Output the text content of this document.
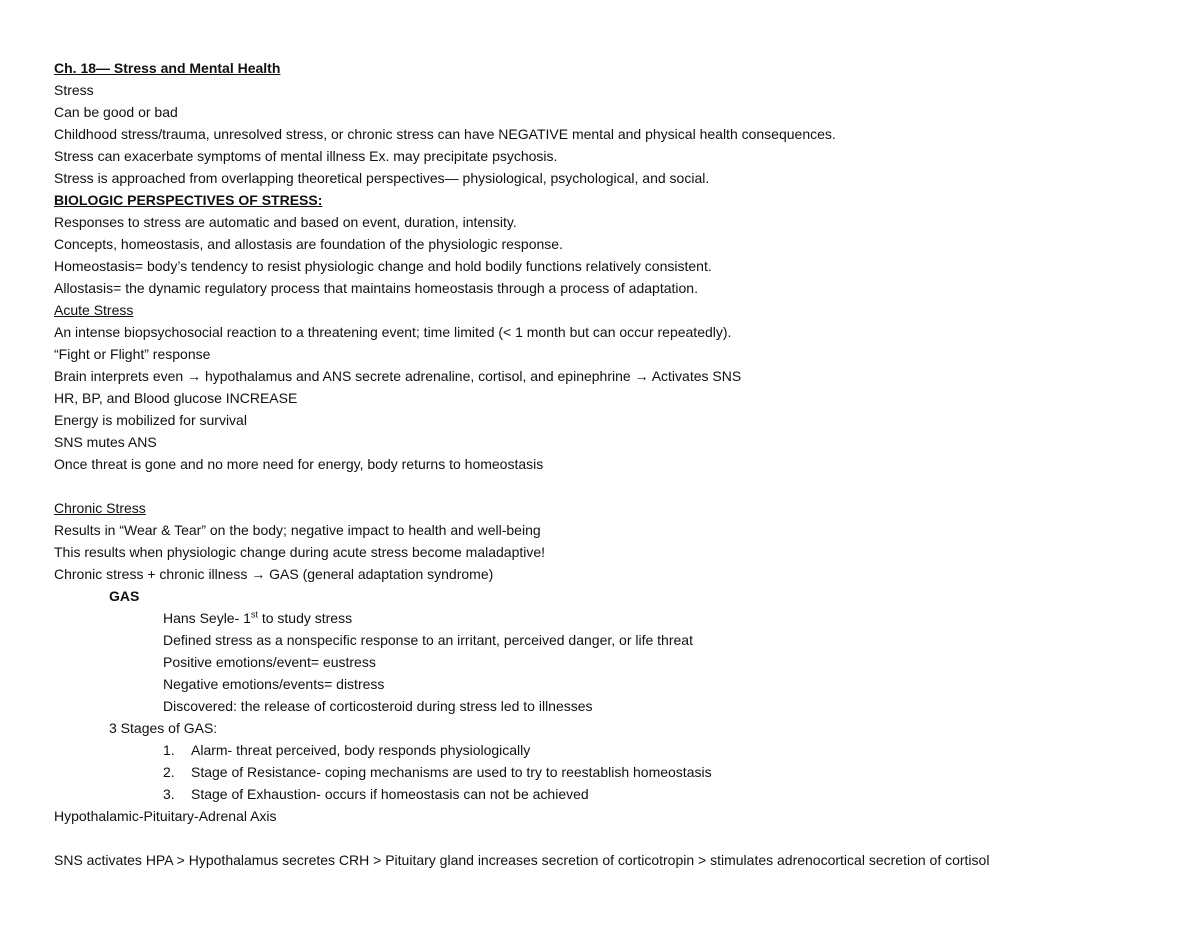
Ch. 18— Stress and Mental Health
Stress
Can be good or bad
Childhood stress/trauma, unresolved stress, or chronic stress can have NEGATIVE mental and physical health consequences.
Stress can exacerbate symptoms of mental illness Ex. may precipitate psychosis.
Stress is approached from overlapping theoretical perspectives— physiological, psychological, and social.
BIOLOGIC PERSPECTIVES OF STRESS:
Responses to stress are automatic and based on event, duration, intensity.
Concepts, homeostasis, and allostasis are foundation of the physiologic response.
Homeostasis= body’s tendency to resist physiologic change and hold bodily functions relatively consistent.
Allostasis= the dynamic regulatory process that maintains homeostasis through a process of adaptation.
Acute Stress
An intense biopsychosocial reaction to a threatening event; time limited (< 1 month but can occur repeatedly).
“Fight or Flight” response
Brain interprets even → hypothalamus and ANS secrete adrenaline, cortisol, and epinephrine → Activates SNS
HR, BP, and Blood glucose INCREASE
Energy is mobilized for survival
SNS mutes ANS
Once threat is gone and no more need for energy, body returns to homeostasis
Chronic Stress
Results in “Wear & Tear” on the body; negative impact to health and well-being
This results when physiologic change during acute stress become maladaptive!
Chronic stress + chronic illness → GAS (general adaptation syndrome)
GAS
Hans Seyle- 1st to study stress
Defined stress as a nonspecific response to an irritant, perceived danger, or life threat
Positive emotions/event= eustress
Negative emotions/events= distress
Discovered: the release of corticosteroid during stress led to illnesses
3 Stages of GAS:
1. Alarm- threat perceived, body responds physiologically
2. Stage of Resistance- coping mechanisms are used to try to reestablish homeostasis
3. Stage of Exhaustion- occurs if homeostasis can not be achieved
Hypothalamic-Pituitary-Adrenal Axis
SNS activates HPA > Hypothalamus secretes CRH > Pituitary gland increases secretion of corticotropin > stimulates adrenocortical secretion of cortisol
